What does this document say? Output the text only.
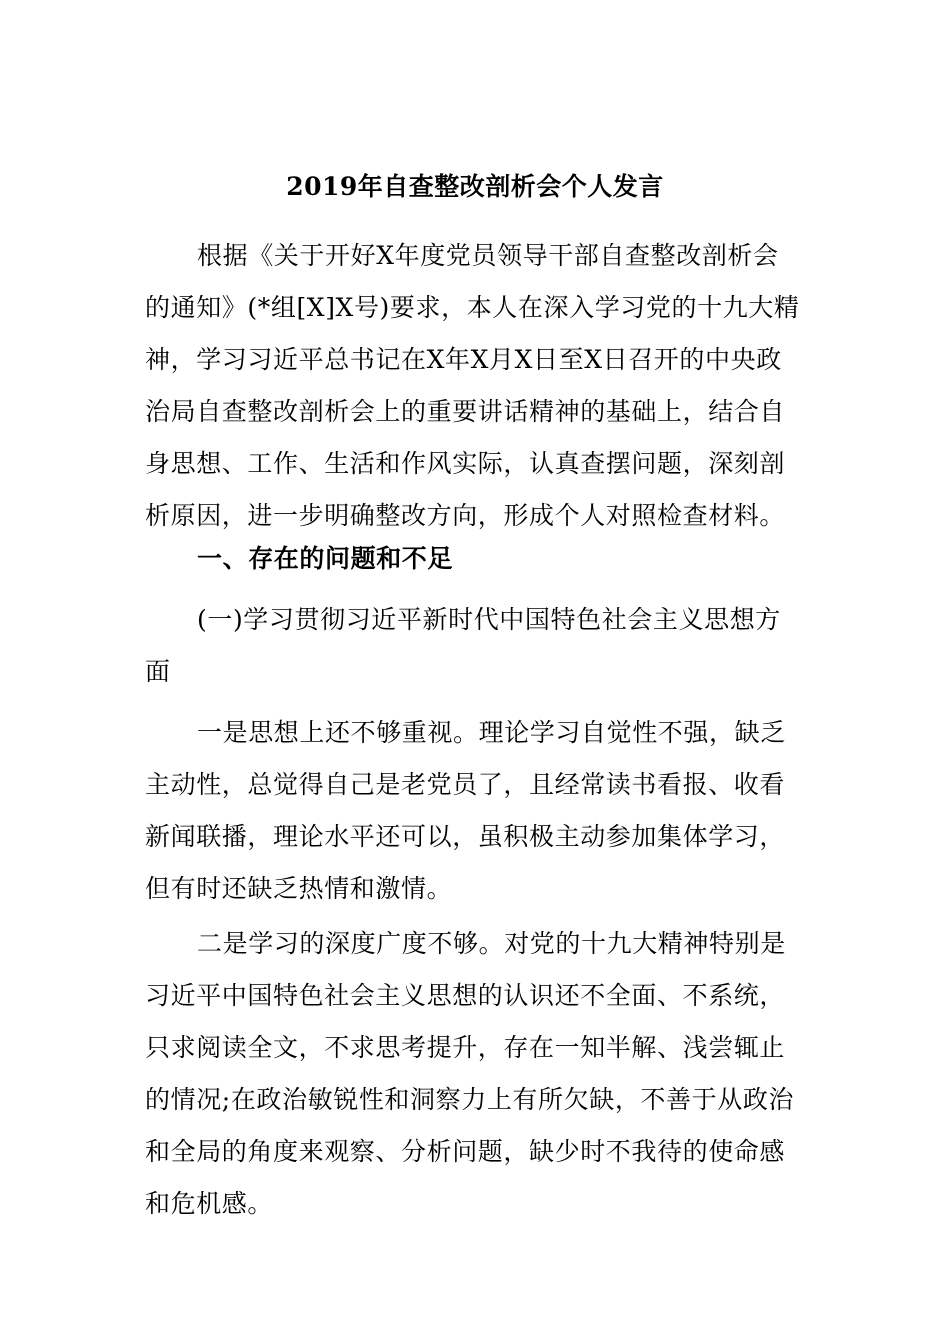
2019年自查整改剖析会个人发言
根据《关于开好X年度党员领导干部自查整改剖析会
的通知》(*组[X]X号)要求，本人在深入学习党的十九大精
神，学习习近平总书记在X年X月X日至X日召开的中央政
治局自查整改剖析会上的重要讲话精神的基础上，结合自
身思想、工作、生活和作风实际，认真查摆问题，深刻剖
析原因，进一步明确整改方向，形成个人对照检查材料。
一、存在的问题和不足
(一)学习贯彻习近平新时代中国特色社会主义思想方
面
一是思想上还不够重视。理论学习自觉性不强，缺乏
主动性，总觉得自己是老党员了，且经常读书看报、收看
新闻联播，理论水平还可以，虽积极主动参加集体学习，
但有时还缺乏热情和激情。
二是学习的深度广度不够。对党的十九大精神特别是
习近平中国特色社会主义思想的认识还不全面、不系统，
只求阅读全文，不求思考提升，存在一知半解、浅尝辄止
的情况;在政治敏锐性和洞察力上有所欠缺，不善于从政治
和全局的角度来观察、分析问题，缺少时不我待的使命感
和危机感。
